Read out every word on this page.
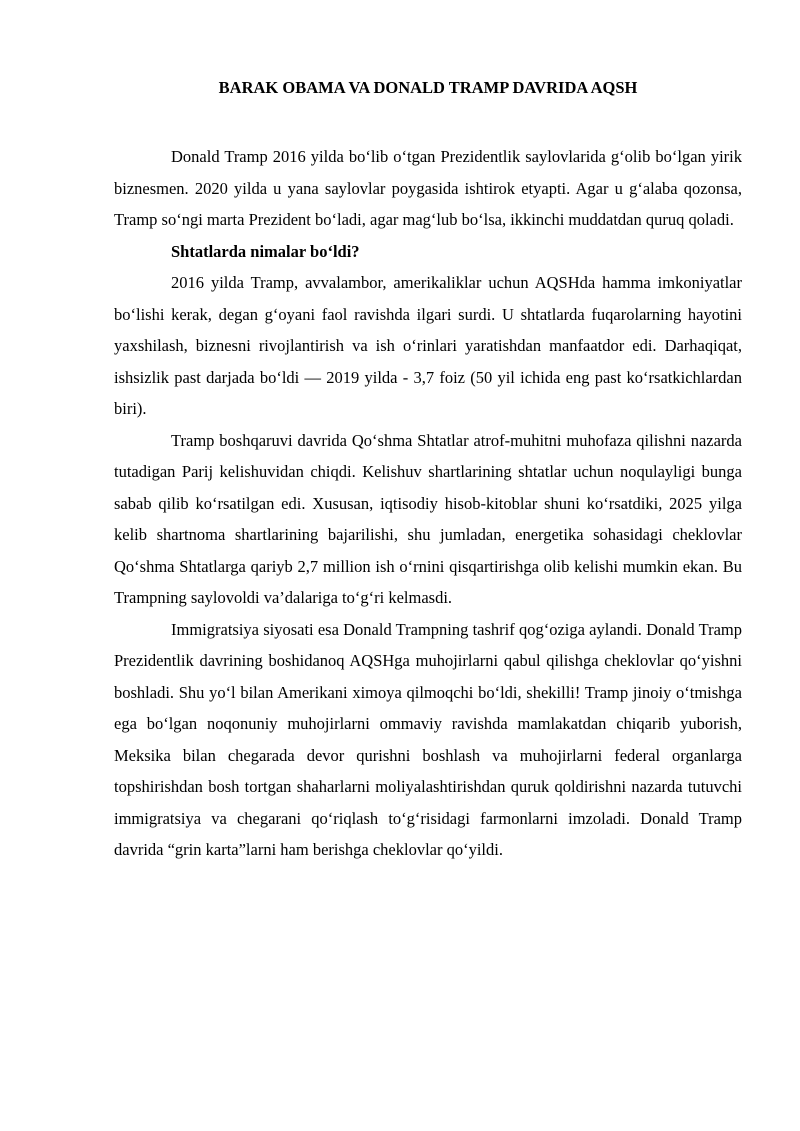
BARAK OBAMA VA DONALD TRAMP DAVRIDA AQSH

Donald Tramp 2016 yilda bo‘lib o‘tgan Prezidentlik saylovlarida g‘olib bo‘lgan yirik biznesmen. 2020 yilda u yana saylovlar poygasida ishtirok etyapti. Agar u g‘alaba qozonsa, Tramp so‘ngi marta Prezident bo‘ladi, agar mag‘lub bo‘lsa, ikkinchi muddatdan quruq qoladi.

Shtatlarda nimalar bo‘ldi?

2016 yilda Tramp, avvalambor, amerikaliklar uchun AQSHda hamma imkoniyatlar bo‘lishi kerak, degan g‘oyani faol ravishda ilgari surdi. U shtatlarda fuqarolarning hayotini yaxshilash, biznesni rivojlantirish va ish o‘rinlari yaratishdan manfaatdor edi. Darhaqiqat, ishsizlik past darjada bo‘ldi — 2019 yilda - 3,7 foiz (50 yil ichida eng past ko‘rsatkichlardan biri).

Tramp boshqaruvi davrida Qo‘shma Shtatlar atrof-muhitni muhofaza qilishni nazarda tutadigan Parij kelishuvidan chiqdi. Kelishuv shartlarining shtatlar uchun noqulayligi bunga sabab qilib ko‘rsatilgan edi. Xususan, iqtisodiy hisob-kitoblar shuni ko‘rsatdiki, 2025 yilga kelib shartnoma shartlarining bajarilishi, shu jumladan, energetika sohasidagi cheklovlar Qo‘shma Shtatlarga qariyb 2,7 million ish o‘rnini qisqartirishga olib kelishi mumkin ekan. Bu Trampning saylovoldi va’dalariga to‘g‘ri kelmasdi.

Immigratsiya siyosati esa Donald Trampning tashrif qog‘oziga aylandi. Donald Tramp Prezidentlik davrining boshidanoq AQSHga muhojirlarni qabul qilishga cheklovlar qo‘yishni boshladi. Shu yo‘l bilan Amerikani ximoya qilmoqchi bo‘ldi, shekilli! Tramp jinoiy o‘tmishga ega bo‘lgan noqonuniy muhojirlarni ommaviy ravishda mamlakatdan chiqarib yuborish, Meksika bilan chegarada devor qurishni boshlash va muhojirlarni federal organlarga topshirishdan bosh tortgan shaharlarni moliyalashtirishdan quruk qoldirishni nazarda tutuvchi immigratsiya va chegarani qo‘riqlash to‘g‘risidagi farmonlarni imzoladi. Donald Tramp davrida “grin karta”larni ham berishga cheklovlar qo‘yildi.
